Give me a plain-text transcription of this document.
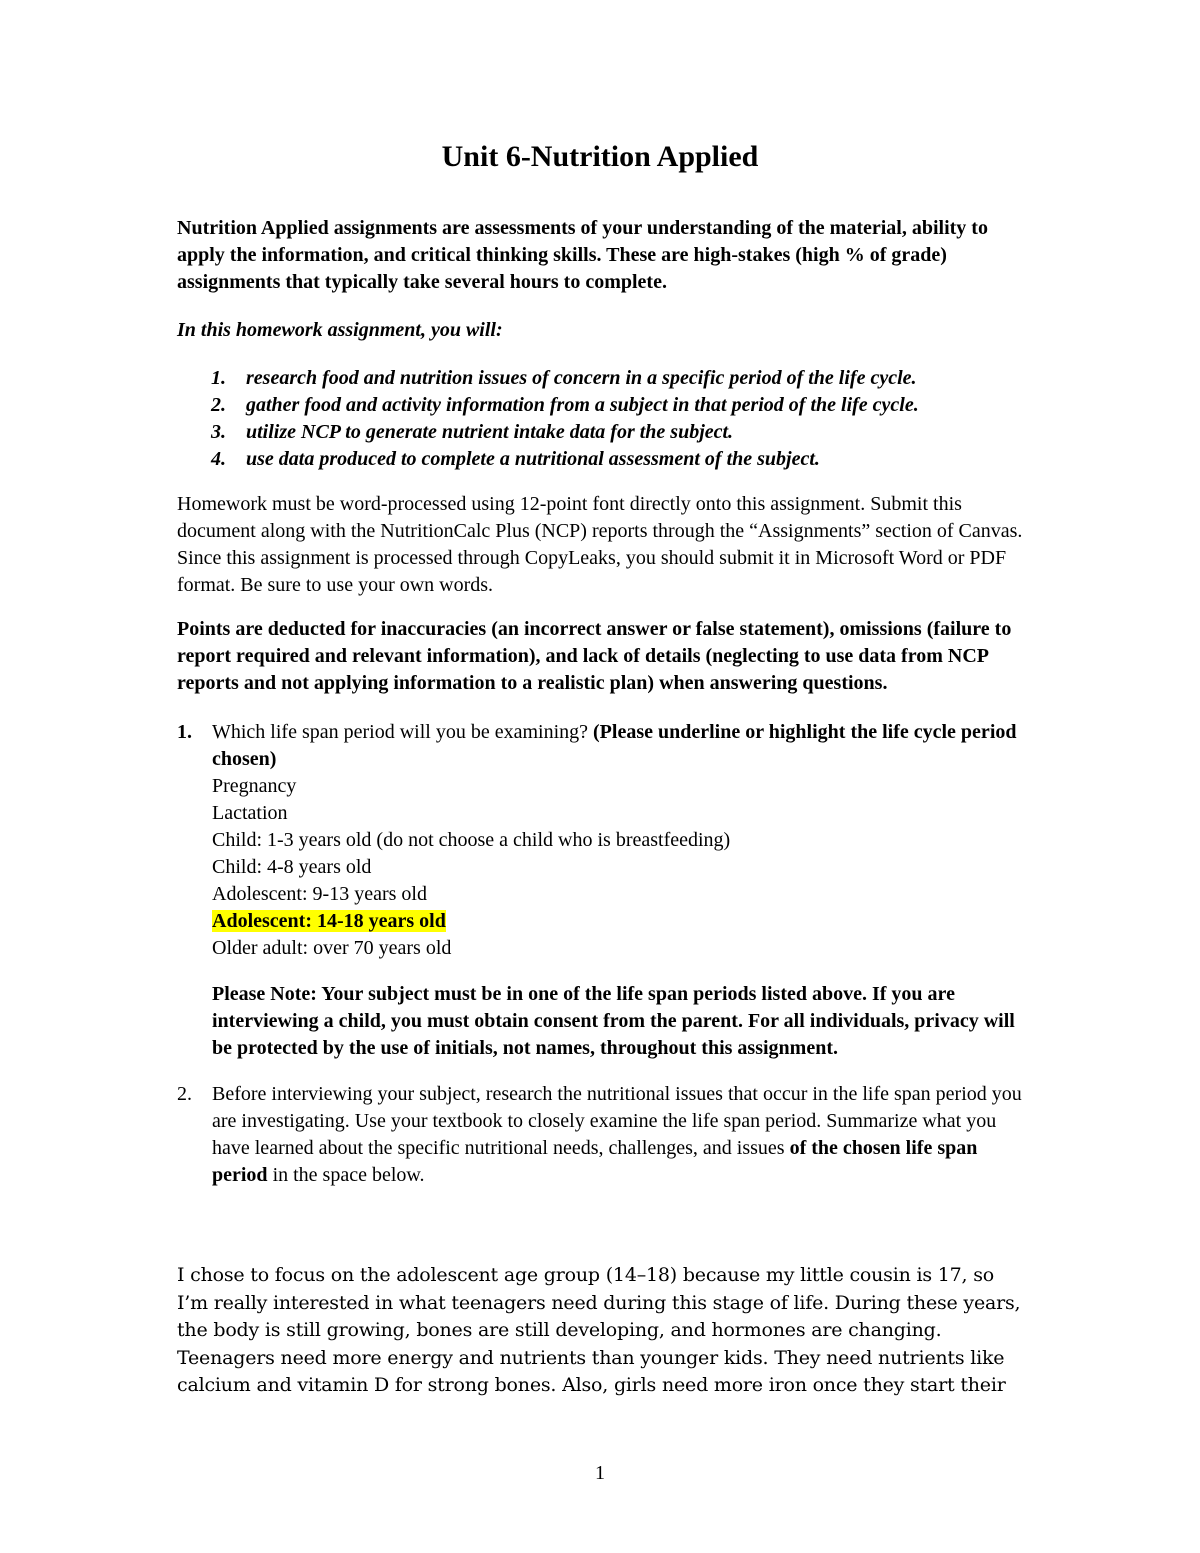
Unit 6-Nutrition Applied

Nutrition Applied assignments are assessments of your understanding of the material, ability to apply the information, and critical thinking skills. These are high-stakes (high % of grade) assignments that typically take several hours to complete.

In this homework assignment, you will:

1. research food and nutrition issues of concern in a specific period of the life cycle.
2. gather food and activity information from a subject in that period of the life cycle.
3. utilize NCP to generate nutrient intake data for the subject.
4. use data produced to complete a nutritional assessment of the subject.

Homework must be word-processed using 12-point font directly onto this assignment. Submit this document along with the NutritionCalc Plus (NCP) reports through the “Assignments” section of Canvas. Since this assignment is processed through CopyLeaks, you should submit it in Microsoft Word or PDF format. Be sure to use your own words.

Points are deducted for inaccuracies (an incorrect answer or false statement), omissions (failure to report required and relevant information), and lack of details (neglecting to use data from NCP reports and not applying information to a realistic plan) when answering questions.

1. Which life span period will you be examining? (Please underline or highlight the life cycle period chosen)
Pregnancy
Lactation
Child: 1-3 years old (do not choose a child who is breastfeeding)
Child: 4-8 years old
Adolescent: 9-13 years old
Adolescent: 14-18 years old
Older adult: over 70 years old

Please Note: Your subject must be in one of the life span periods listed above. If you are interviewing a child, you must obtain consent from the parent. For all individuals, privacy will be protected by the use of initials, not names, throughout this assignment.

2. Before interviewing your subject, research the nutritional issues that occur in the life span period you are investigating. Use your textbook to closely examine the life span period. Summarize what you have learned about the specific nutritional needs, challenges, and issues of the chosen life span period in the space below.

I chose to focus on the adolescent age group (14–18) because my little cousin is 17, so I’m really interested in what teenagers need during this stage of life. During these years, the body is still growing, bones are still developing, and hormones are changing. Teenagers need more energy and nutrients than younger kids. They need nutrients like calcium and vitamin D for strong bones. Also, girls need more iron once they start their

1
